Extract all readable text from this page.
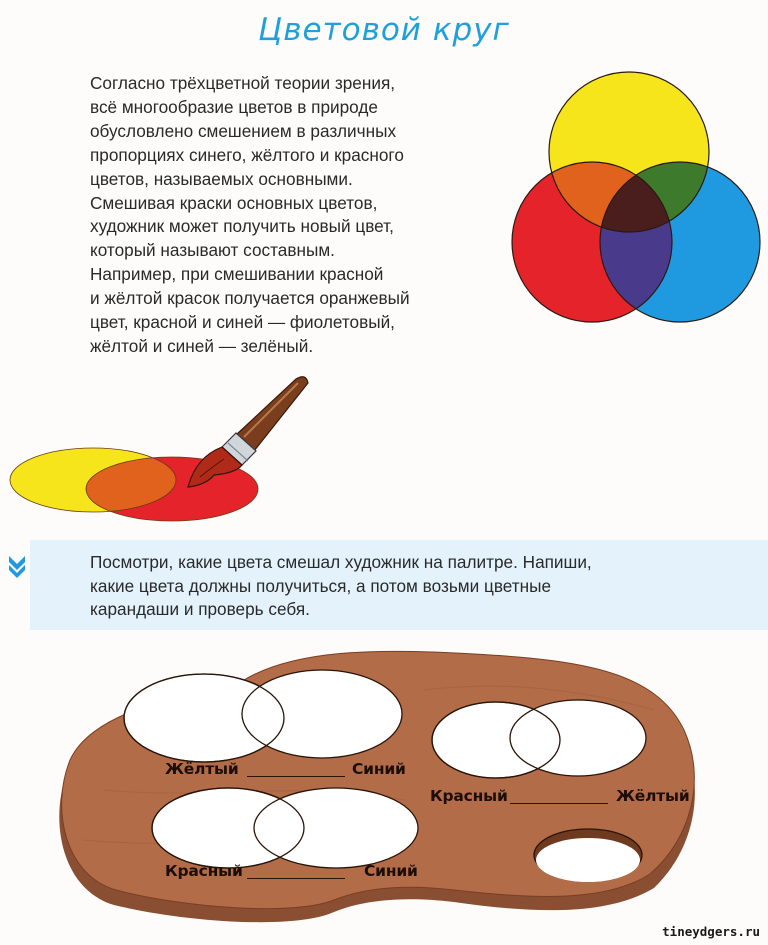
Цветовой круг
Согласно трёхцветной теории зрения,
всё многообразие цветов в природе
обусловлено смешением в различных
пропорциях синего, жёлтого и красного
цветов, называемых основными.
Смешивая краски основных цветов,
художник может получить новый цвет,
который называют составным.
Например, при смешивании красной
и жёлтой красок получается оранжевый
цвет, красной и синей — фиолетовый,
жёлтой и синей — зелёный.
Посмотри, какие цвета смешал художник на палитре. Напиши,
какие цвета должны получиться, а потом возьми цветные
карандаши и проверь себя.
Жёлтый	Синий
Красный	Жёлтый
Красный	Синий
tineydgers.ru
